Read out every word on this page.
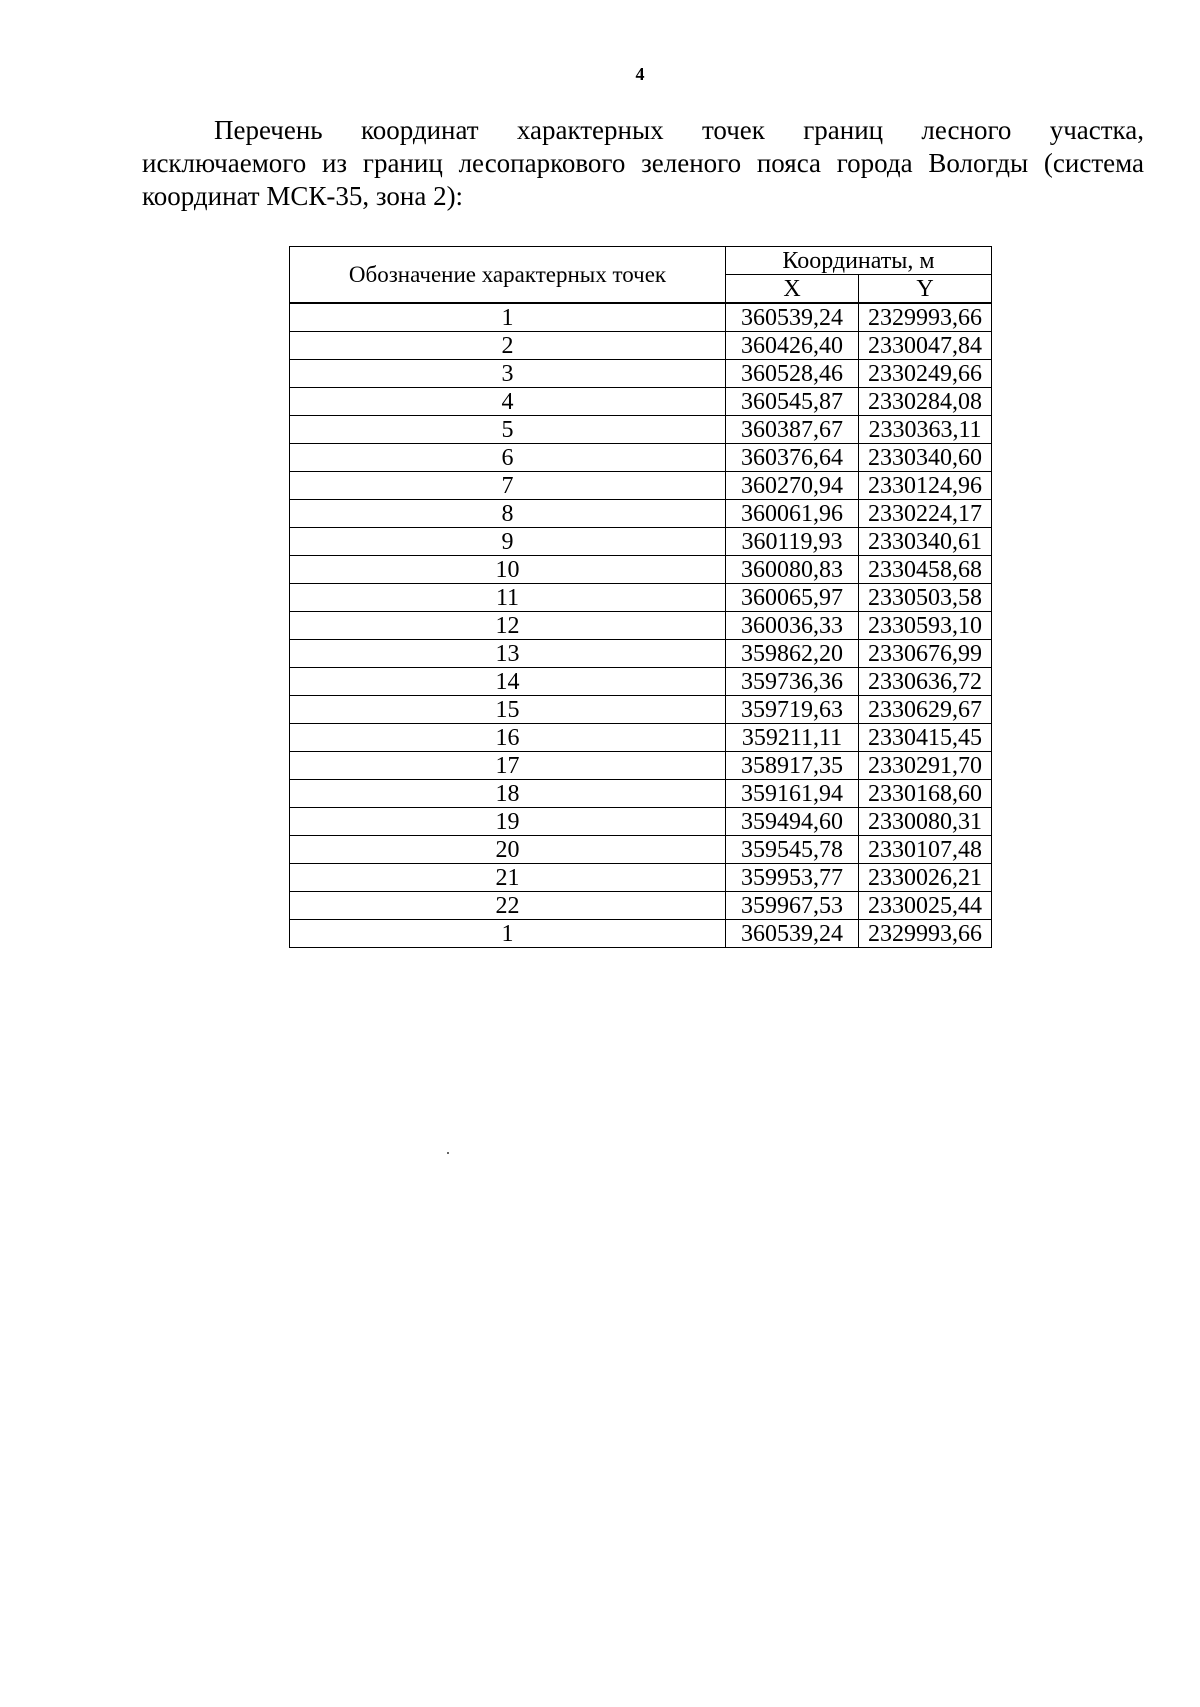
4
Перечень координат характерных точек границ лесного участка,
исключаемого из границ лесопаркового зеленого пояса города Вологды (система координат МСК-35, зона 2):
Обозначение характерных точек	Координаты, м	
	X	Y
1	360539,24	2329993,66
2	360426,40	2330047,84
3	360528,46	2330249,66
4	360545,87	2330284,08
5	360387,67	2330363,11
6	360376,64	2330340,60
7	360270,94	2330124,96
8	360061,96	2330224,17
9	360119,93	2330340,61
10	360080,83	2330458,68
11	360065,97	2330503,58
12	360036,33	2330593,10
13	359862,20	2330676,99
14	359736,36	2330636,72
15	359719,63	2330629,67
16	359211,11	2330415,45
17	358917,35	2330291,70
18	359161,94	2330168,60
19	359494,60	2330080,31
20	359545,78	2330107,48
21	359953,77	2330026,21
22	359967,53	2330025,44
1	360539,24	2329993,66
